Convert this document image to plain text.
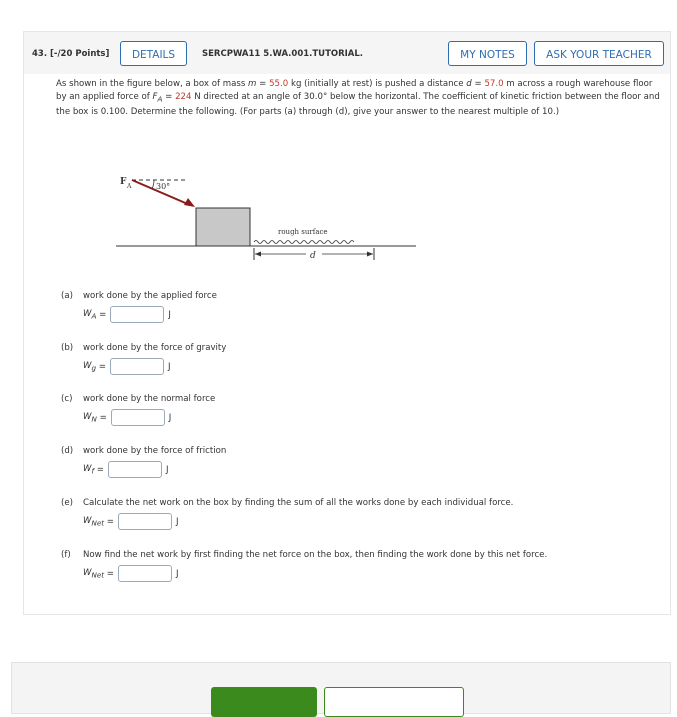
43. [-/20 Points]	DETAILS	SERCPWA11 5.WA.001.TUTORIAL.	MY NOTES	ASK YOUR TEACHER
As shown in the figure below, a box of mass m = 55.0 kg (initially at rest) is pushed a distance d = 57.0 m across a rough warehouse floor by an applied force of $F_A = 224$ N directed at an angle of 30.0° below the horizontal. The coefficient of kinetic friction between the floor and the box is 0.100. Determine the following. (For parts (a) through (d), give your answer to the nearest multiple of 10.)
30°
F A
rough surface
d
(a) work done by the applied force
$W_A$ =	J
(b) work done by the force of gravity
$W_g$ =	J
(c) work done by the normal force
$W_N$ =	J
(d) work done by the force of friction
$W_f$ =	J
(e) Calculate the net work on the box by finding the sum of all the works done by each individual force.
$W_{Net}$ =	J
(f) Now find the net work by first finding the net force on the box, then finding the work done by this net force.
$W_{Net}$ =	J
